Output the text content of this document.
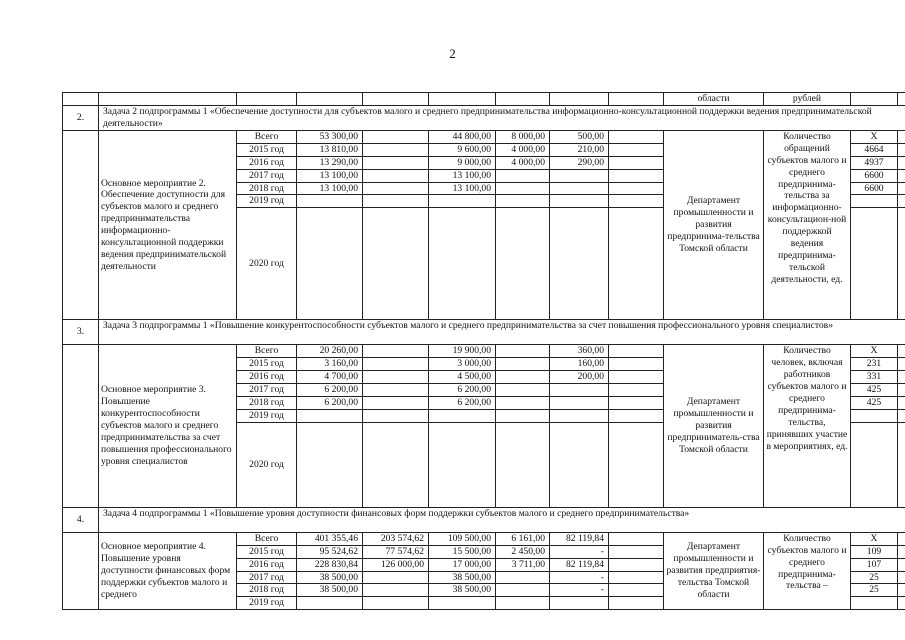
2
									области	рублей		
2.	Задача 2 подпрограммы 1 «Обеспечение доступности для субъектов малого и среднего предпринимательства информационно-консультационной поддержки ведения предпринимательской деятельности»											
	Основное мероприятие 2. Обеспечение доступности для субъектов малого и среднего предпринимательства информационно-консультационной поддержки ведения предпринимательской деятельности	Всего	53 300,00		44 800,00	8 000,00	500,00		Департамент промышленности и развития предпринима-тельства Томской области	Количество обращений субъектов малого и среднего предпринима-тельства за информационно-консультацион-ной поддержкой ведения предпринима-тельской деятельности, ед.	Х	
		2015 год	13 810,00		9 600,00	4 000,00	210,00				4664	
		2016 год	13 290,00		9 000,00	4 000,00	290,00				4937	
		2017 год	13 100,00		13 100,00						6600	
		2018 год	13 100,00		13 100,00						6600	
		2019 год										
		2020 год										
3.	Задача 3 подпрограммы 1 «Повышение конкурентоспособности субъектов малого и среднего предпринимательства за счет повышения профессионального уровня специалистов»											
	Основное мероприятие 3. Повышение конкурентоспособности субъектов малого и среднего предпринимательства за счет повышения профессионального уровня специалистов	Всего	20 260,00		19 900,00		360,00		Департамент промышленности и развития предприниматель-ства Томской области	Количество человек, включая работников субъектов малого и среднего предпринима-тельства, принявших участие в мероприятиях, ед.	Х	
		2015 год	3 160,00		3 000,00		160,00				231	
		2016 год	4 700,00		4 500,00		200,00				331	
		2017 год	6 200,00		6 200,00						425	
		2018 год	6 200,00		6 200,00						425	
		2019 год										
		2020 год										
4.	Задача 4 подпрограммы 1 «Повышение уровня доступности финансовых форм поддержки субъектов малого и среднего предпринимательства»											
	Основное мероприятие 4. Повышение уровня доступности финансовых форм поддержки субъектов малого и среднего	Всего	401 355,46	203 574,62	109 500,00	6 161,00	82 119,84		Департамент промышленности и развития предприятия-тельства Томской области	Количество субъектов малого и среднего предпринима-тельства –	Х	
		2015 год	95 524,62	77 574,62	15 500,00	2 450,00	-				109	
		2016 год	228 830,84	126 000,00	17 000,00	3 711,00	82 119,84				107	
		2017 год	38 500,00		38 500,00		-				25	
		2018 год	38 500,00		38 500,00		-				25	
		2019 год										
